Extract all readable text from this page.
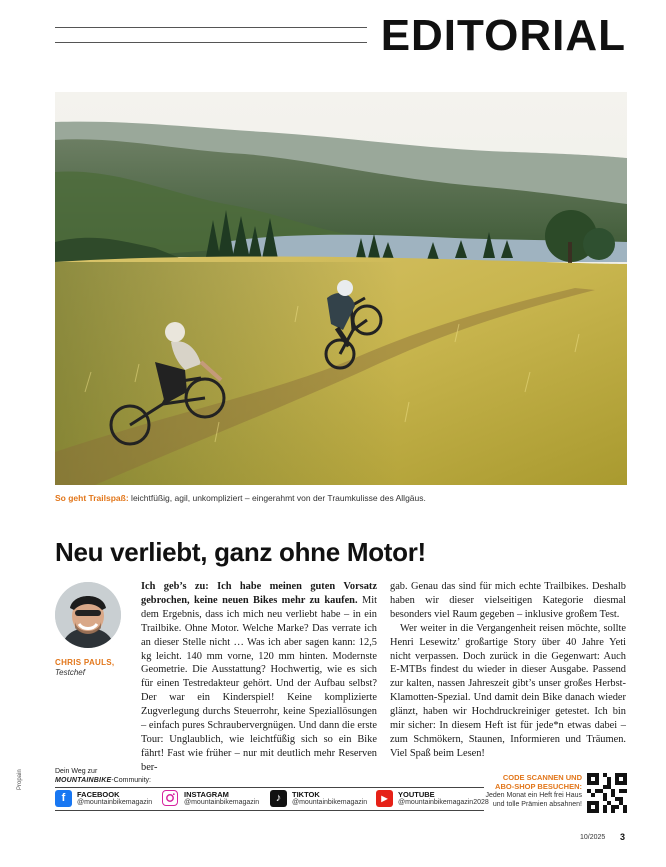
EDITORIAL
So geht Trailspaß: leichtfüßig, agil, unkompliziert – eingerahmt von der Traumkulisse des Allgäus.
Neu verliebt, ganz ohne Motor!
CHRIS PAULS,
Testchef

Ich geb’s zu: Ich habe meinen guten Vorsatz gebrochen, keine neuen Bikes mehr zu kaufen. Mit dem Ergebnis, dass ich mich neu verliebt habe – in ein Trailbike. Ohne Motor. Welche Marke? Das verrate ich an dieser Stelle nicht … Was ich aber sagen kann: 12,5 kg leicht. 140 mm vorne, 120 mm hinten. Modernste Geometrie. Die Ausstattung? Hochwertig, wie es sich für einen Testredakteur gehört. Und der Aufbau selbst? Der war ein Kinderspiel! Keine komplizierte Zugverlegung durchs Steuerrohr, keine Speziallösungen – einfach pures Schraubervergnügen. Und dann die erste Tour: Unglaublich, wie leichtfüßig sich so ein Bike fährt! Fast wie früher – nur mit deutlich mehr Reserven ber-

gab. Genau das sind für mich echte Trailbikes. Deshalb haben wir dieser vielseitigen Kategorie diesmal besonders viel Raum gegeben – inklusive großem Test.

Wer weiter in die Vergangenheit reisen möchte, sollte Henri Lesewitz’ großartige Story über 40 Jahre Yeti nicht verpassen. Doch zurück in die Gegenwart: Auch E-MTBs findest du wieder in dieser Ausgabe. Passend zur kalten, nassen Jahreszeit gibt’s unser großes Herbst-Klamotten-Spezial. Und damit dein Bike danach wieder glänzt, haben wir Hochdruckreiniger getestet. Ich bin mir sicher: In diesem Heft ist für jede*n etwas dabei – zum Schmökern, Staunen, Informieren und Träumen. Viel Spaß beim Lesen!

Dein Weg zur
MOUNTAINBIKE-Community:
f	FACEBOOK
@mountainbikemagazin
INSTAGRAM
@mountainbikemagazin	♪	TIKTOK
@mountainbikemagazin	▶	YOUTUBE
@mountainbikemagazin2028
CODE SCANNEN UND
ABO-SHOP BESUCHEN:
Jeden Monat ein Heft frei Haus
und tolle Prämien absahnen!
Propain
10/2025 3
